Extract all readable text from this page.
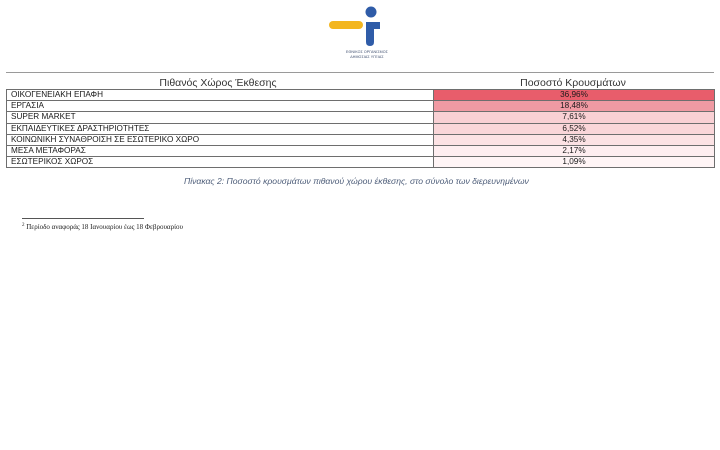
ΕΘΝΙΚΟΣ ΟΡΓΑΝΙΣΜΟΣ
ΔΗΜΟΣΙΑΣ ΥΓΕΙΑΣ
Πιθανός Χώρος Έκθεσης	Ποσοστό Κρουσμάτων
ΟΙΚΟΓΕΝΕΙΑΚΗ ΕΠΑΦΗ	36,96%
ΕΡΓΑΣΙΑ	18,48%
SUPER MARKET	7,61%
ΕΚΠΑΙΔΕΥΤΙΚΕΣ ΔΡΑΣΤΗΡΙΟΤΗΤΕΣ	6,52%
ΚΟΙΝΩΝΙΚΗ ΣΥΝΑΘΡΟΙΣΗ ΣΕ ΕΣΩΤΕΡΙΚΟ ΧΩΡΟ	4,35%
ΜΕΣΑ ΜΕΤΑΦΟΡΑΣ	2,17%
ΕΣΩΤΕΡΙΚΟΣ ΧΩΡΟΣ	1,09%
Πίνακας 2: Ποσοστό κρουσμάτων πιθανού χώρου έκθεσης, στο σύνολο των διερευνημένων
$^2$ Περίοδο αναφοράς 18 Ιανουαρίου έως 18 Φεβρουαρίου
